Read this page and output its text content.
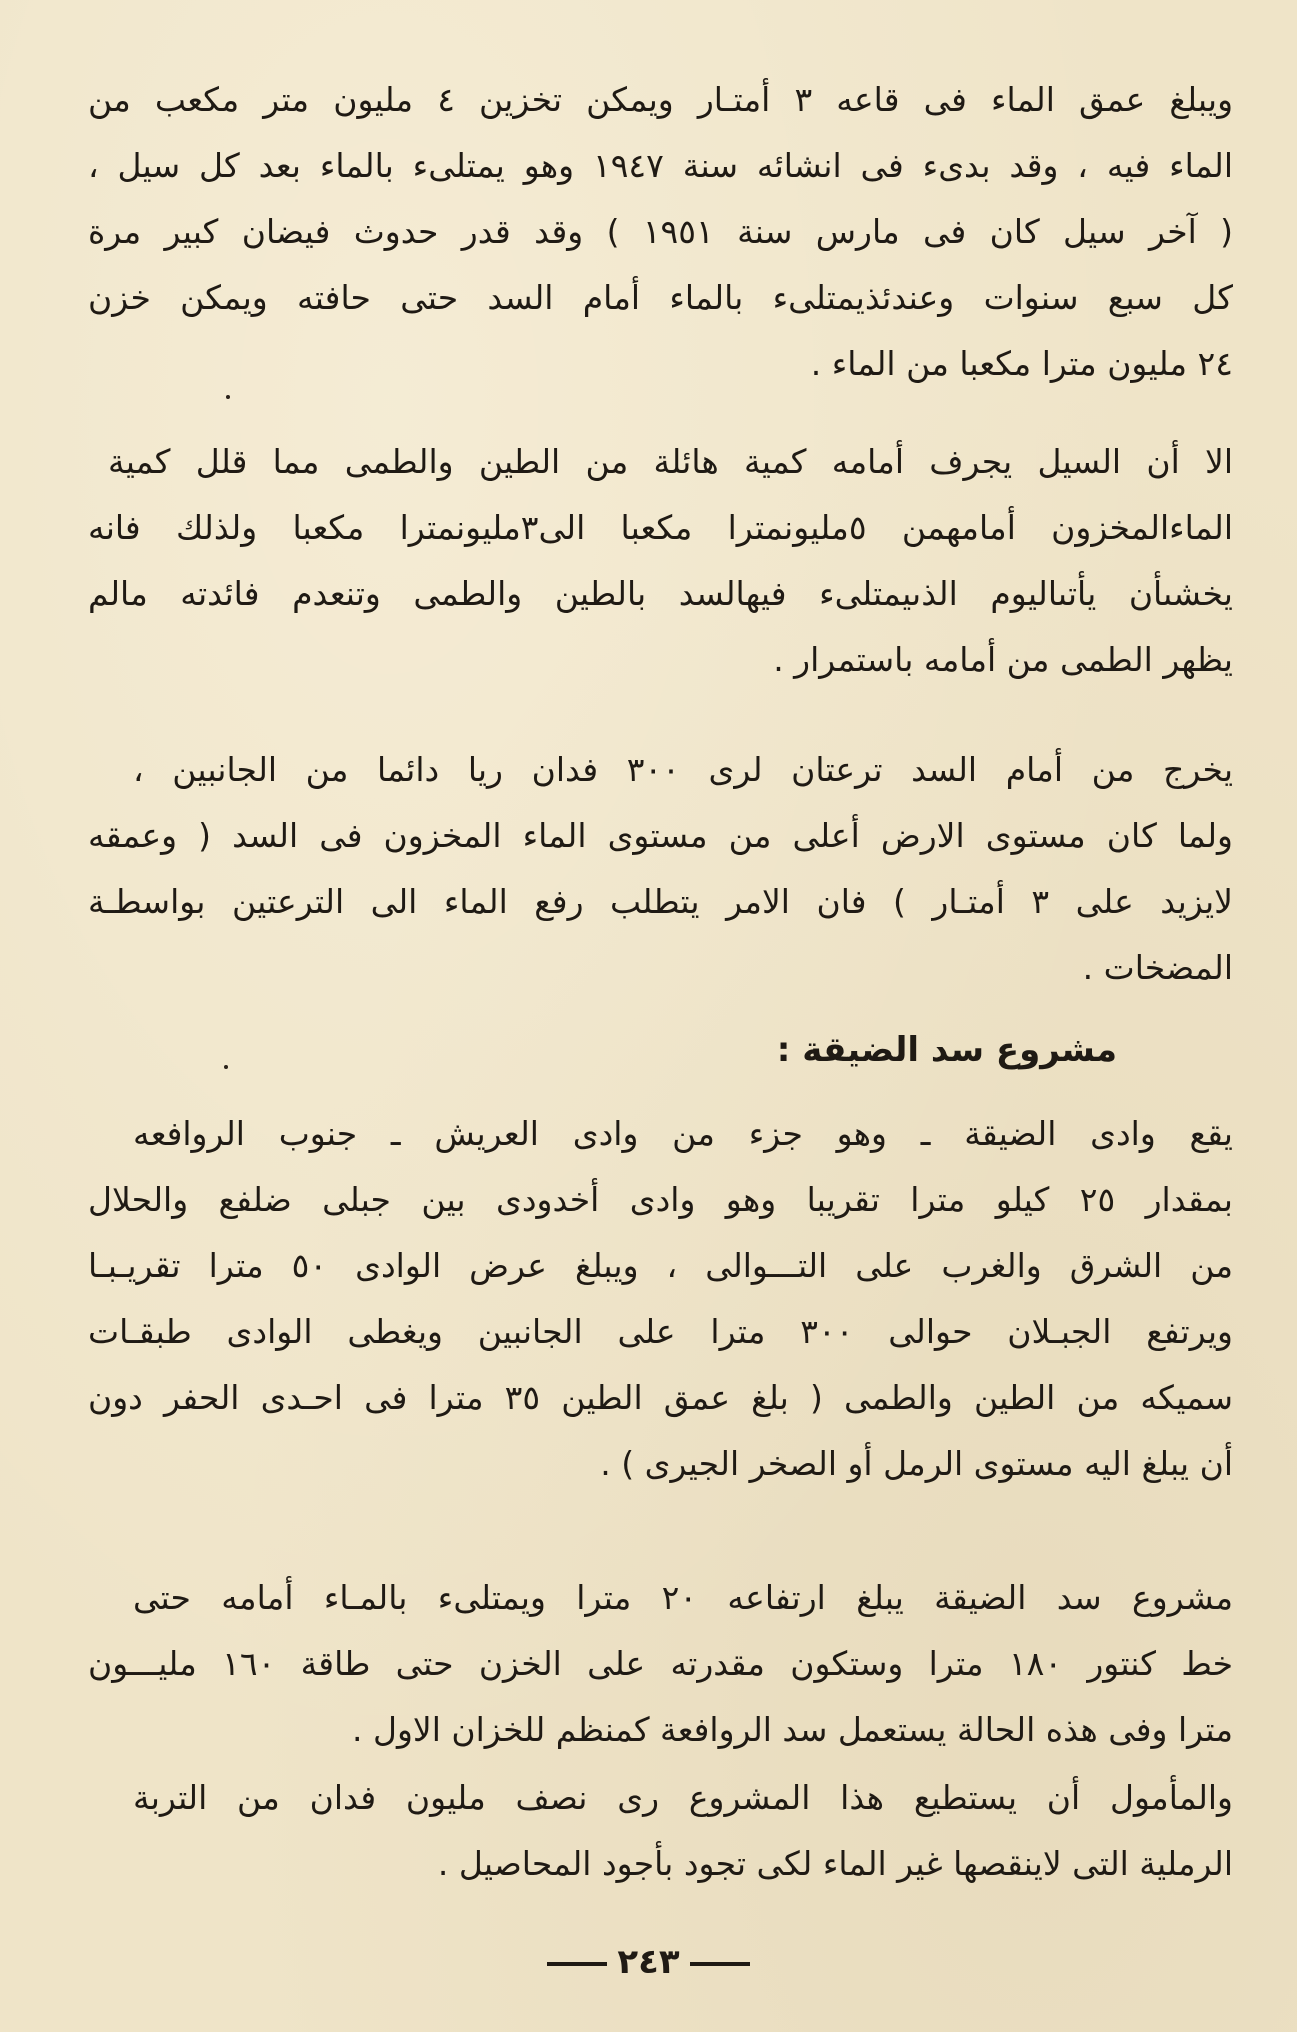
ويبلغ عمق الماء فى قاعه ٣ أمتـار ويمكن تخزين ٤ مليون متر مكعب من
الماء فيه ، وقد بدىء فى انشائه سنة ١٩٤٧ وهو يمتلىء بالماء بعد كل سيل ،
( آخر سيل كان فى مارس سنة ١٩٥١ ) وقد قدر حدوث فيضان كبير مرة
كل سبع سنوات وعندئذيمتلىء بالماء أمام السد حتى حافته ويمكن خزن
٢٤ مليون مترا مكعبا من الماء .
الا أن السيل يجرف أمامه كمية هائلة من الطين والطمى مما قلل كمية
الماءالمخزون أمامهمن ٥مليونمترا مكعبا الى٣مليونمترا مكعبا ولذلك فانه
يخشىأن يأتىاليوم الذىيمتلىء فيهالسد بالطين والطمى وتنعدم فائدته مالم
يظهر الطمى من أمامه باستمرار .
يخرج من أمام السد ترعتان لرى ٣٠٠ فدان ريا دائما من الجانبين ،
ولما كان مستوى الارض أعلى من مستوى الماء المخزون فى السد ( وعمقه
لايزيد على ٣ أمتـار ) فان الامر يتطلب رفع الماء الى الترعتين بواسطـة
المضخات .
مشروع سد الضيقة :
يقع وادى الضيقة ـ وهو جزء من وادى العريش ـ جنوب الروافعه
بمقدار ٢٥ كيلو مترا تقريبا وهو وادى أخدودى بين جبلى ضلفع والحلال
من الشرق والغرب على التـــوالى ، ويبلغ عرض الوادى ٥٠ مترا تقريـبـا
ويرتفع الجبـلان حوالى ٣٠٠ مترا على الجانبين ويغطى الوادى طبقـات
سميكه من الطين والطمى ( بلغ عمق الطين ٣٥ مترا فى احـدى الحفر دون
أن يبلغ اليه مستوى الرمل أو الصخر الجيرى ) .
مشروع سد الضيقة يبلغ ارتفاعه ٢٠ مترا ويمتلىء بالمـاء أمامه حتى
خط كنتور ١٨٠ مترا وستكون مقدرته على الخزن حتى طاقة ١٦٠ مليـــون
مترا وفى هذه الحالة يستعمل سد الروافعة كمنظم للخزان الاول .
والمأمول أن يستطيع هذا المشروع رى نصف مليون فدان من التربة
الرملية التى لاينقصها غير الماء لكى تجود بأجود المحاصيل .
٢٤٣
